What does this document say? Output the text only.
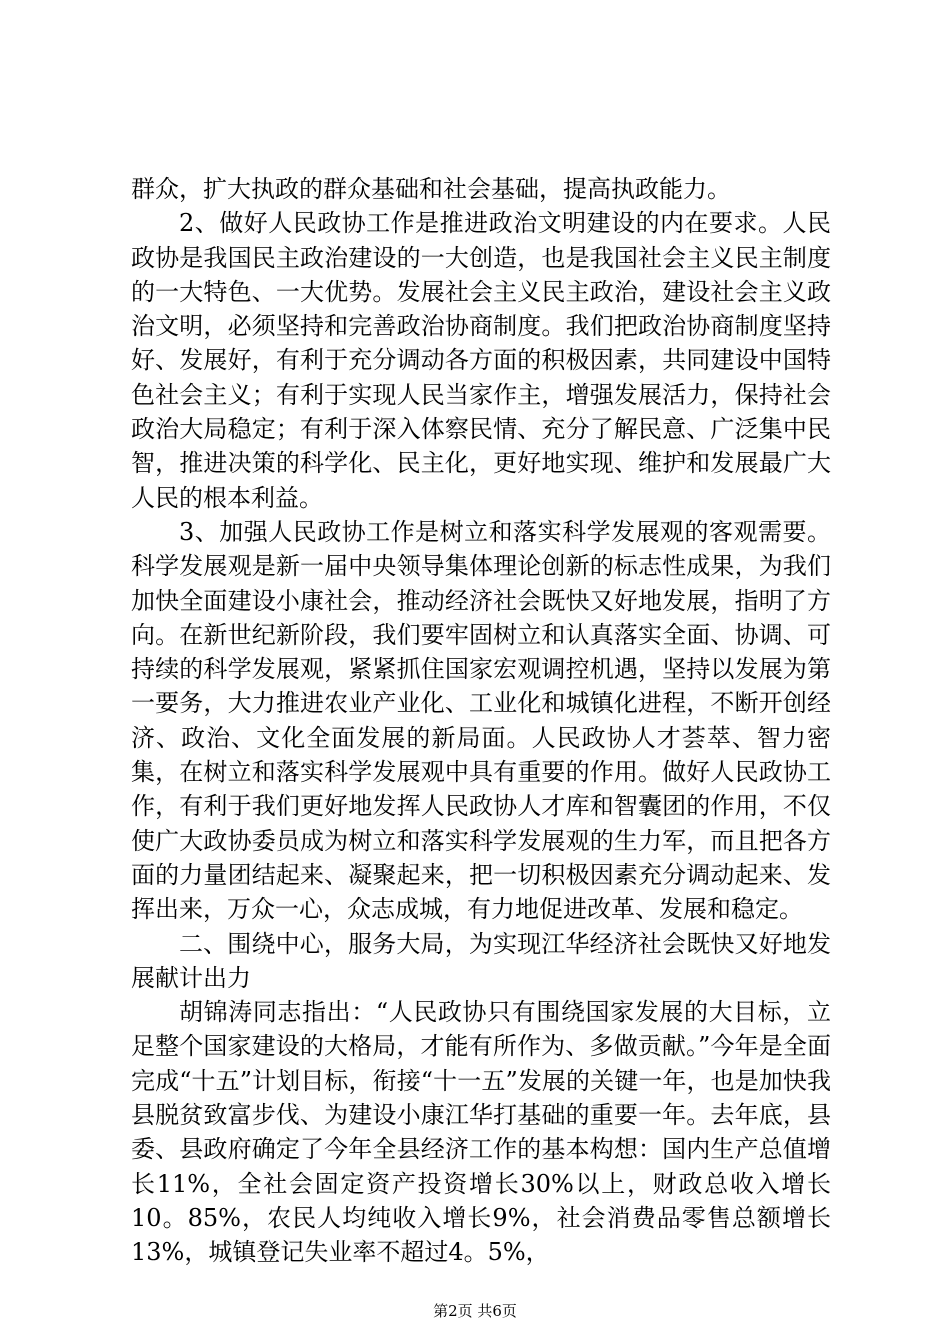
群众，扩大执政的群众基础和社会基础，提高执政能力。

2、做好人民政协工作是推进政治文明建设的内在要求。人民政协是我国民主政治建设的一大创造，也是我国社会主义民主制度的一大特色、一大优势。发展社会主义民主政治，建设社会主义政治文明，必须坚持和完善政治协商制度。我们把政治协商制度坚持好、发展好，有利于充分调动各方面的积极因素，共同建设中国特色社会主义；有利于实现人民当家作主，增强发展活力，保持社会政治大局稳定；有利于深入体察民情、充分了解民意、广泛集中民智，推进决策的科学化、民主化，更好地实现、维护和发展最广大人民的根本利益。

3、加强人民政协工作是树立和落实科学发展观的客观需要。科学发展观是新一届中央领导集体理论创新的标志性成果，为我们加快全面建设小康社会，推动经济社会既快又好地发展，指明了方向。在新世纪新阶段，我们要牢固树立和认真落实全面、协调、可持续的科学发展观，紧紧抓住国家宏观调控机遇，坚持以发展为第一要务，大力推进农业产业化、工业化和城镇化进程，不断开创经济、政治、文化全面发展的新局面。人民政协人才荟萃、智力密集，在树立和落实科学发展观中具有重要的作用。做好人民政协工作，有利于我们更好地发挥人民政协人才库和智囊团的作用，不仅使广大政协委员成为树立和落实科学发展观的生力军，而且把各方面的力量团结起来、凝聚起来，把一切积极因素充分调动起来、发挥出来，万众一心，众志成城，有力地促进改革、发展和稳定。

二、围绕中心，服务大局，为实现江华经济社会既快又好地发展献计出力

胡锦涛同志指出：“人民政协只有围绕国家发展的大目标，立足整个国家建设的大格局，才能有所作为、多做贡献。”今年是全面完成“十五”计划目标，衔接“十一五”发展的关键一年，也是加快我县脱贫致富步伐、为建设小康江华打基础的重要一年。去年底，县委、县政府确定了今年全县经济工作的基本构想：国内生产总值增长11%，全社会固定资产投资增长30%以上，财政总收入增长10。85%，农民人均纯收入增长9%，社会消费品零售总额增长13%，城镇登记失业率不超过4。5%，

第2页 共6页
